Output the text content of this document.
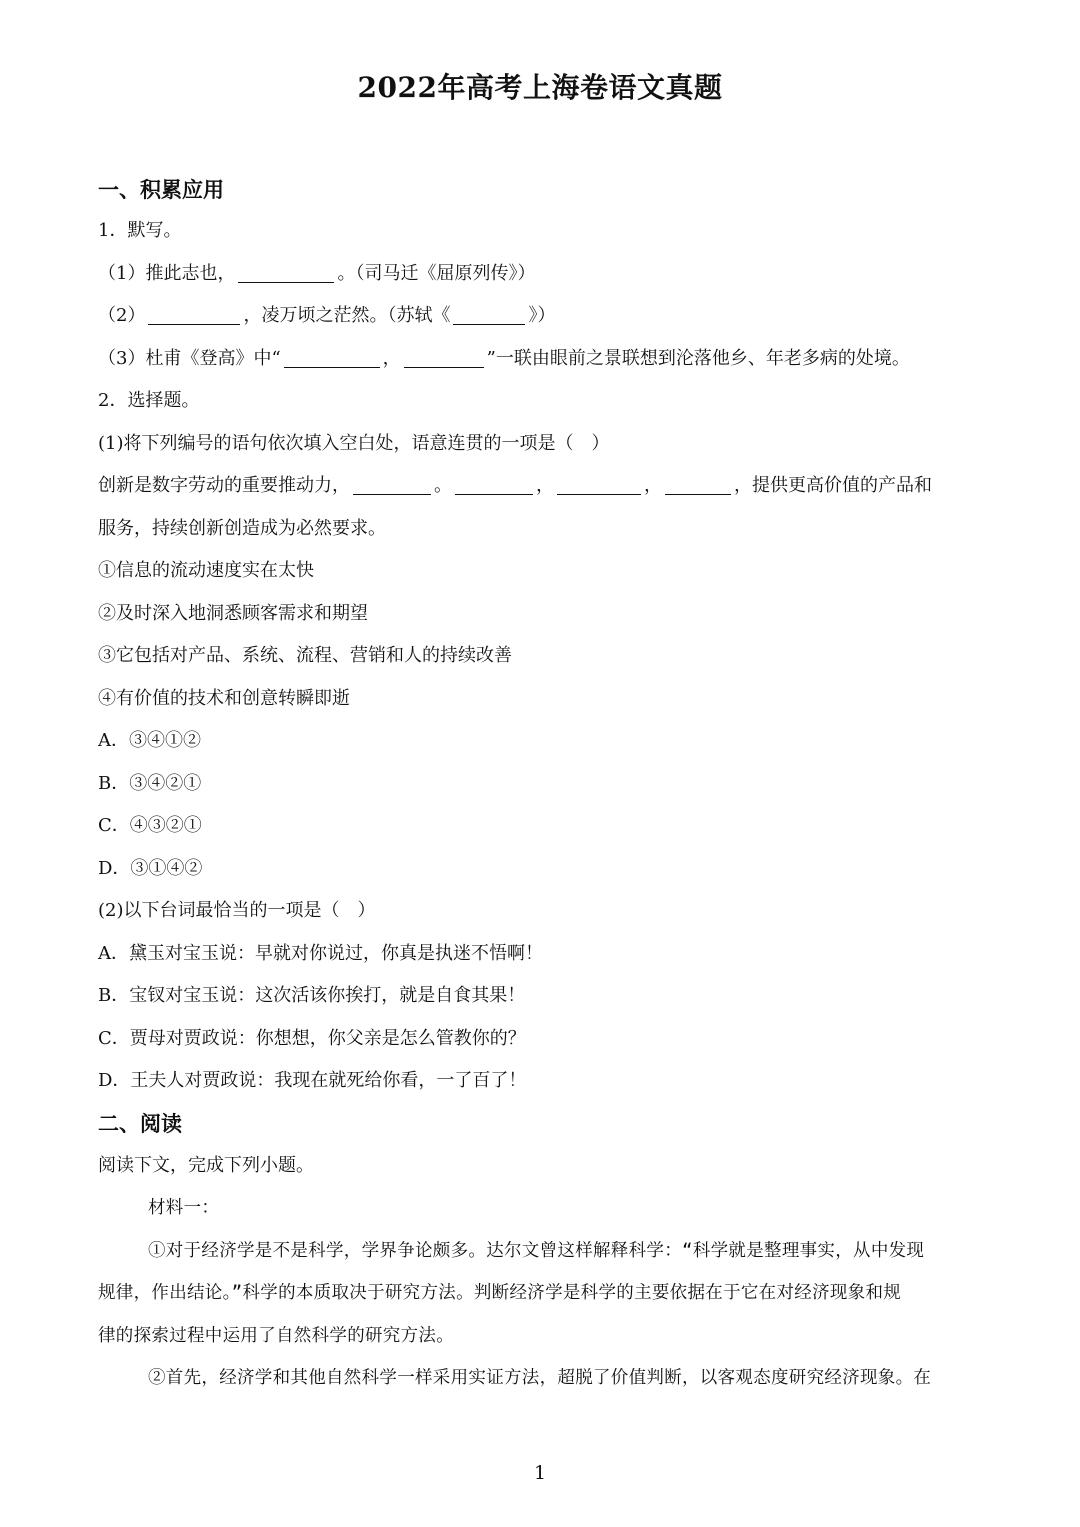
2022年高考上海卷语文真题
一、积累应用
1．默写。
（1）推此志也，	。（司马迁《屈原列传》）
（2）	，凌万顷之茫然。（苏轼《	》）
（3）杜甫《登高》中“	，	”一联由眼前之景联想到沦落他乡、年老多病的处境。
2．选择题。
(1)将下列编号的语句依次填入空白处，语意连贯的一项是（　）
创新是数字劳动的重要推动力，	。	，	，	，提供更高价值的产品和
服务，持续创新创造成为必然要求。
①信息的流动速度实在太快
②及时深入地洞悉顾客需求和期望
③它包括对产品、系统、流程、营销和人的持续改善
④有价值的技术和创意转瞬即逝
A．③④①②
B．③④②①
C．④③②①
D．③①④②
(2)以下台词最恰当的一项是（　）
A．黛玉对宝玉说：早就对你说过，你真是执迷不悟啊！
B．宝钗对宝玉说：这次活该你挨打，就是自食其果！
C．贾母对贾政说：你想想，你父亲是怎么管教你的？
D．王夫人对贾政说：我现在就死给你看，一了百了！
二、阅读
阅读下文，完成下列小题。
材料一：
①对于经济学是不是科学，学界争论颇多。达尔文曾这样解释科学：“科学就是整理事实，从中发现
规律，作出结论。”科学的本质取决于研究方法。判断经济学是科学的主要依据在于它在对经济现象和规
律的探索过程中运用了自然科学的研究方法。
②首先，经济学和其他自然科学一样采用实证方法，超脱了价值判断，以客观态度研究经济现象。在
1
